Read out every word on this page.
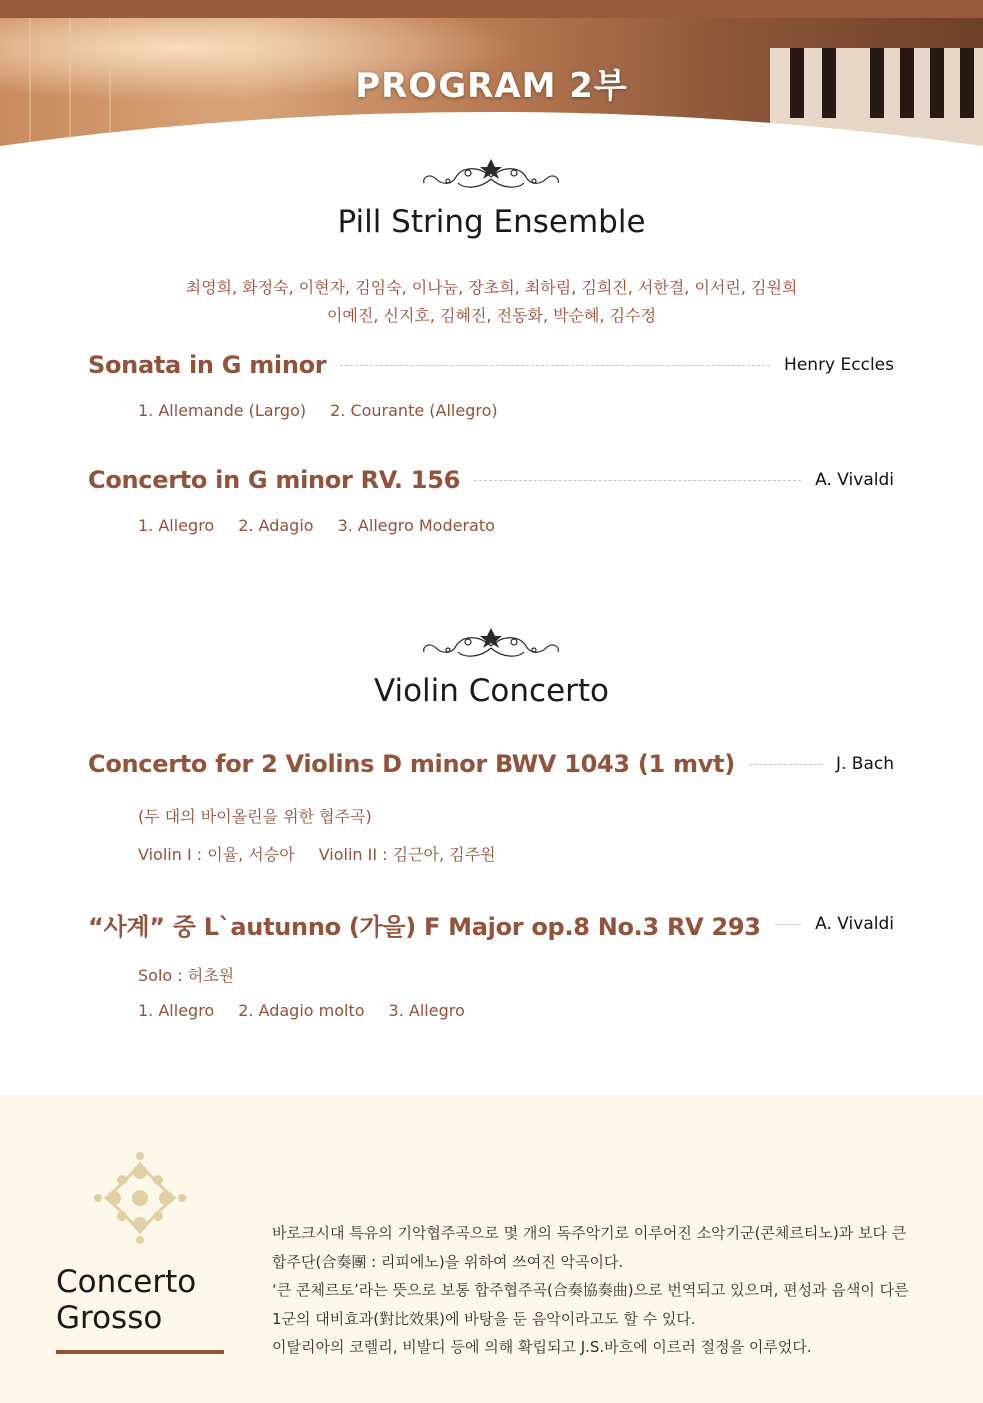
PROGRAM 2부
Pill String Ensemble
최영희, 화정숙, 이현자, 김임숙, 이나눔, 장초희, 최하림, 김희진, 서한결, 이서린, 김원희
이예진, 신지호, 김혜진, 전동화, 박순혜, 김수정
Sonata in G minor	Henry Eccles
1. Allemande (Largo) 2. Courante (Allegro)
Concerto in G minor RV. 156	A. Vivaldi
1. Allegro 2. Adagio 3. Allegro Moderato
Violin Concerto
Concerto for 2 Violins D minor BWV 1043 (1 mvt)	J. Bach
(두 대의 바이올린을 위한 협주곡)
Violin I : 이율, 서승아 Violin II : 김근아, 김주원
“사계” 중 L`autunno (가을) F Major op.8 No.3 RV 293	A. Vivaldi
Solo : 허초원
1. Allegro 2. Adagio molto 3. Allegro
Concerto
Grosso
바로크시대 특유의 기악협주곡으로 몇 개의 독주악기로 이루어진 소악기군(콘체르티노)과 보다 큰
합주단(合奏團 : 리피에노)을 위하여 쓰여진 악곡이다.
‘큰 콘체르토’라는 뜻으로 보통 합주협주곡(合奏協奏曲)으로 번역되고 있으며, 편성과 음색이 다른
1군의 대비효과(對比效果)에 바탕을 둔 음악이라고도 할 수 있다.
이탈리아의 코렐리, 비발디 등에 의해 확립되고 J.S.바흐에 이르러 절정을 이루었다.
